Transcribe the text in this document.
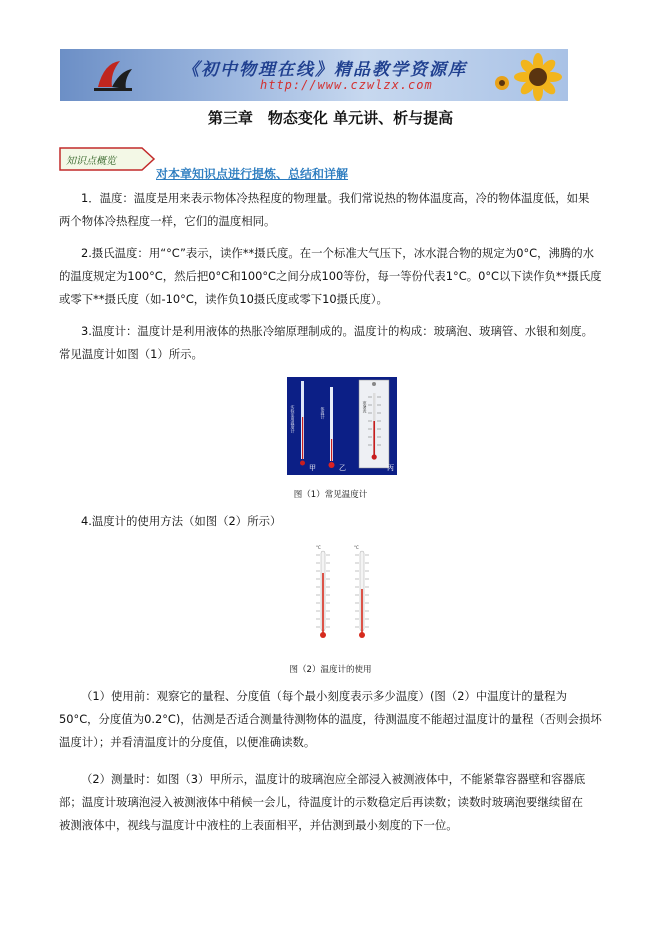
《初中物理在线》精品教学资源库
http://www.czwlzx.com
第三章　物态变化 单元讲、析与提高
知识点概览
对本章知识点进行提炼、总结和详解
1．温度：温度是用来表示物体冷热程度的物理量。我们常说热的物体温度高，冷的物体温度低，如果
两个物体冷热程度一样，它们的温度相同。
2.摄氏温度：用“°C”表示，读作**摄氏度。在一个标准大气压下，冰水混合物的规定为0°C，沸腾的水
的温度规定为100°C，然后把0°C和100°C之间分成100等份，每一等份代表1°C。0°C以下读作负**摄氏度
或零下**摄氏度（如-10°C，读作负10摄氏度或零下10摄氏度）。
3.温度计：温度计是利用液体的热胀冷缩原理制成的。温度计的构成：玻璃泡、玻璃管、水银和刻度。
常见温度计如图（1）所示。
实验室用温度计	体温计	寒暑表
甲	乙	丙
图（1）常见温度计
4.温度计的使用方法（如图（2）所示）
°C	°C
图（2）温度计的使用
（1）使用前：观察它的量程、分度值（每个最小刻度表示多少温度）(图（2）中温度计的量程为
50°C，分度值为0.2°C)，估测是否适合测量待测物体的温度，待测温度不能超过温度计的量程（否则会损坏
温度计）；并看清温度计的分度值，以便准确读数。
（2）测量时：如图（3）甲所示，温度计的玻璃泡应全部浸入被测液体中，不能紧靠容器壁和容器底
部；温度计玻璃泡浸入被测液体中稍候一会儿，待温度计的示数稳定后再读数；读数时玻璃泡要继续留在
被测液体中，视线与温度计中液柱的上表面相平，并估测到最小刻度的下一位。
